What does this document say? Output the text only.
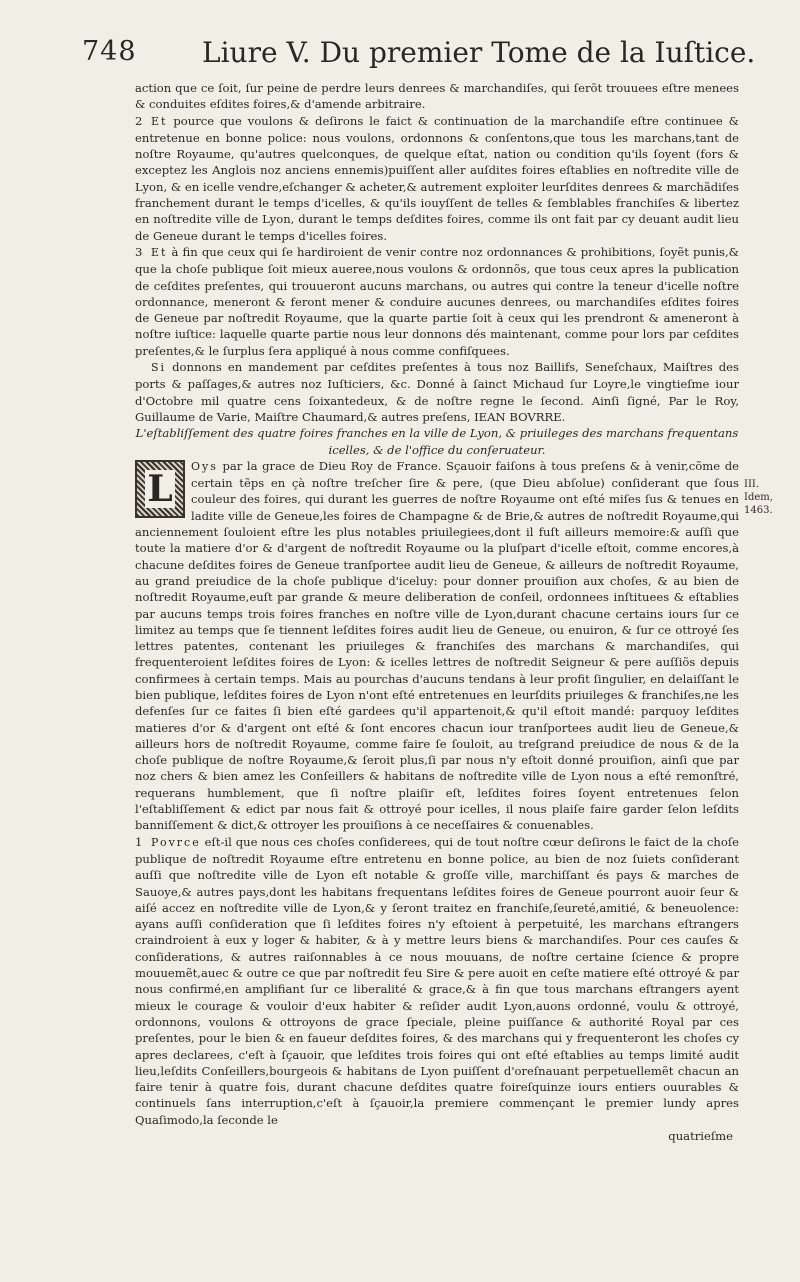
748 Liure V. Du premier Tome de la Iuſtice.
III.
Idem, 1463.

action que ce ſoit, ſur peine de perdre leurs denrees & marchandiſes, qui ſerōt trouuees eſtre menees & conduites eſdites foires,& d'amende arbitraire.

2 Et pource que voulons & deſirons le faict & continuation de la marchandiſe eſtre continuee & entretenue en bonne police: nous voulons, ordonnons & conſentons,que tous les marchans,tant de noſtre Royaume, qu'autres quelconques, de quelque eſtat, nation ou condition qu'ils ſoyent (fors & exceptez les Anglois noz anciens ennemis)puiſſent aller auſdites foires eſtablies en noſtredite ville de Lyon, & en icelle vendre,eſchanger & acheter,& autrement exploiter leurſdites denrees & marchãdiſes franchement durant le temps d'icelles, & qu'ils iouyſſent de telles & ſemblables franchiſes & libertez en noſtredite ville de Lyon, durant le temps deſdites foires, comme ils ont fait par cy deuant audit lieu de Geneue durant le temps d'icelles foires.

3 Et à fin que ceux qui ſe hardiroient de venir contre noz ordonnances & prohibitions, ſoyẽt punis,& que la choſe publique ſoit mieux aueree,nous voulons & ordonnõs, que tous ceux apres la publication de ceſdites preſentes, qui trouueront aucuns marchans, ou autres qui contre la teneur d'icelle noſtre ordonnance, meneront & feront mener & conduire aucunes denrees, ou marchandiſes eſdites foires de Geneue par noſtredit Royaume, que la quarte partie ſoit à ceux qui les prendront & ameneront à noſtre iuſtice: laquelle quarte partie nous leur donnons dés maintenant, comme pour lors par ceſdites preſentes,& le ſurplus ſera appliqué à nous comme confiſquees.

Si donnons en mandement par ceſdites preſentes à tous noz Baillifs, Seneſchaux, Maiſtres des ports & paſſages,& autres noz Iuſticiers, &c. Donné à ſainct Michaud ſur Loyre,le vingtieſme iour d'Octobre mil quatre cens ſoixantedeux, & de noſtre regne le ſecond. Ainſi ſigné, Par le Roy, Guillaume de Varie, Maiſtre Chaumard,& autres preſens, IEAN BOVRRE.

L'eſtabliſſement des quatre foires franches en la ville de Lyon, & priuileges des marchans frequentans icelles, & de l'office du conſeruateur.

L

Oys par la grace de Dieu Roy de France. Sçauoir faiſons à tous preſens & à venir,cõme de certain tẽps en çà noſtre treſcher ſire & pere, (que Dieu abſolue) conſiderant que ſous couleur des foires, qui durant les guerres de noſtre Royaume ont eſté miſes ſus & tenues en ladite ville de Geneue,les foires de Champagne & de Brie,& autres de noſtredit Royaume,qui anciennement ſouloient eſtre les plus notables priuilegiees,dont il fuſt ailleurs memoire:& auſſi que toute la matiere d'or & d'argent de noſtredit Royaume ou la pluſpart d'icelle eſtoit, comme encores,à chacune deſdites foires de Geneue tranſportee audit lieu de Geneue, & ailleurs de noſtredit Royaume, au grand preiudice de la choſe publique d'iceluy: pour donner prouiſion aux choſes, & au bien de noſtredit Royaume,euſt par grande & meure deliberation de conſeil, ordonnees inſtituees & eſtablies par aucuns temps trois foires franches en noſtre ville de Lyon,durant chacune certains iours ſur ce limitez au temps que ſe tiennent leſdites foires audit lieu de Geneue, ou enuiron, & ſur ce ottroyé ſes lettres patentes, contenant les priuileges & franchiſes des marchans & marchandiſes, qui frequenteroient leſdites foires de Lyon: & icelles lettres de noſtredit Seigneur & pere auſſiõs depuis confirmees à certain temps. Mais au pourchas d'aucuns tendans à leur profit ſingulier, en delaiſſant le bien publique, leſdites foires de Lyon n'ont eſté entretenues en leurſdits priuileges & franchiſes,ne les defenſes ſur ce faites ſi bien eſté gardees qu'il appartenoit,& qu'il eſtoit mandé: parquoy leſdites matieres d'or & d'argent ont eſté & ſont encores chacun iour tranſportees audit lieu de Geneue,& ailleurs hors de noſtredit Royaume, comme faire ſe ſouloit, au treſgrand preiudice de nous & de la choſe publique de noſtre Royaume,& ſeroit plus,ſi par nous n'y eſtoit donné prouiſion, ainſi que par noz chers & bien amez les Conſeillers & habitans de noſtredite ville de Lyon nous a eſté remonſtré, requerans humblement, que ſi noſtre plaiſir eſt, leſdites foires ſoyent entretenues ſelon l'eſtabliſſement & edict par nous fait & ottroyé pour icelles, il nous plaiſe faire garder ſelon leſdits banniſſement & dict,& ottroyer les prouiſions à ce neceſſaires & conuenables.

1 Povrce eſt-il que nous ces choſes conſiderees, qui de tout noſtre cœur deſirons le faict de la choſe publique de noſtredit Royaume eſtre entretenu en bonne police, au bien de noz ſuiets conſiderant auſſi que noſtredite ville de Lyon eſt notable & groſſe ville, marchiſſant és pays & marches de Sauoye,& autres pays,dont les habitans frequentans leſdites foires de Geneue pourront auoir ſeur & aiſé accez en noſtredite ville de Lyon,& y ſeront traitez en franchiſe,ſeureté,amitié, & beneuolence: ayans auſſi conſideration que ſi leſdites foires n'y eſtoient à perpetuité, les marchans eſtrangers craindroient à eux y loger & habiter, & à y mettre leurs biens & marchandiſes. Pour ces cauſes & conſiderations, & autres raiſonnables à ce nous mouuans, de noſtre certaine ſcience & propre mouuemẽt,auec & outre ce que par noſtredit feu Sire & pere auoit en ceſte matiere eſté ottroyé & par nous confirmé,en amplifiant ſur ce liberalité & grace,& à fin que tous marchans eſtrangers ayent mieux le courage & vouloir d'eux habiter & reſider audit Lyon,auons ordonné, voulu & ottroyé, ordonnons, voulons & ottroyons de grace ſpeciale, pleine puiſſance & authorité Royal par ces preſentes, pour le bien & en faueur deſdites foires, & des marchans qui y frequenteront les choſes cy apres declarees, c'eſt à ſçauoir, que leſdites trois foires qui ont eſté eſtablies au temps limité audit lieu,leſdits Conſeillers,bourgeois & habitans de Lyon puiſſent d'oreſnauant perpetuellemẽt chacun an faire tenir à quatre fois, durant chacune deſdites quatre foireſquinze iours entiers ouurables & continuels ſans interruption,c'eſt à ſçauoir,la premiere commençant le premier lundy apres Quaſimodo,la ſeconde le

quatrieſme
